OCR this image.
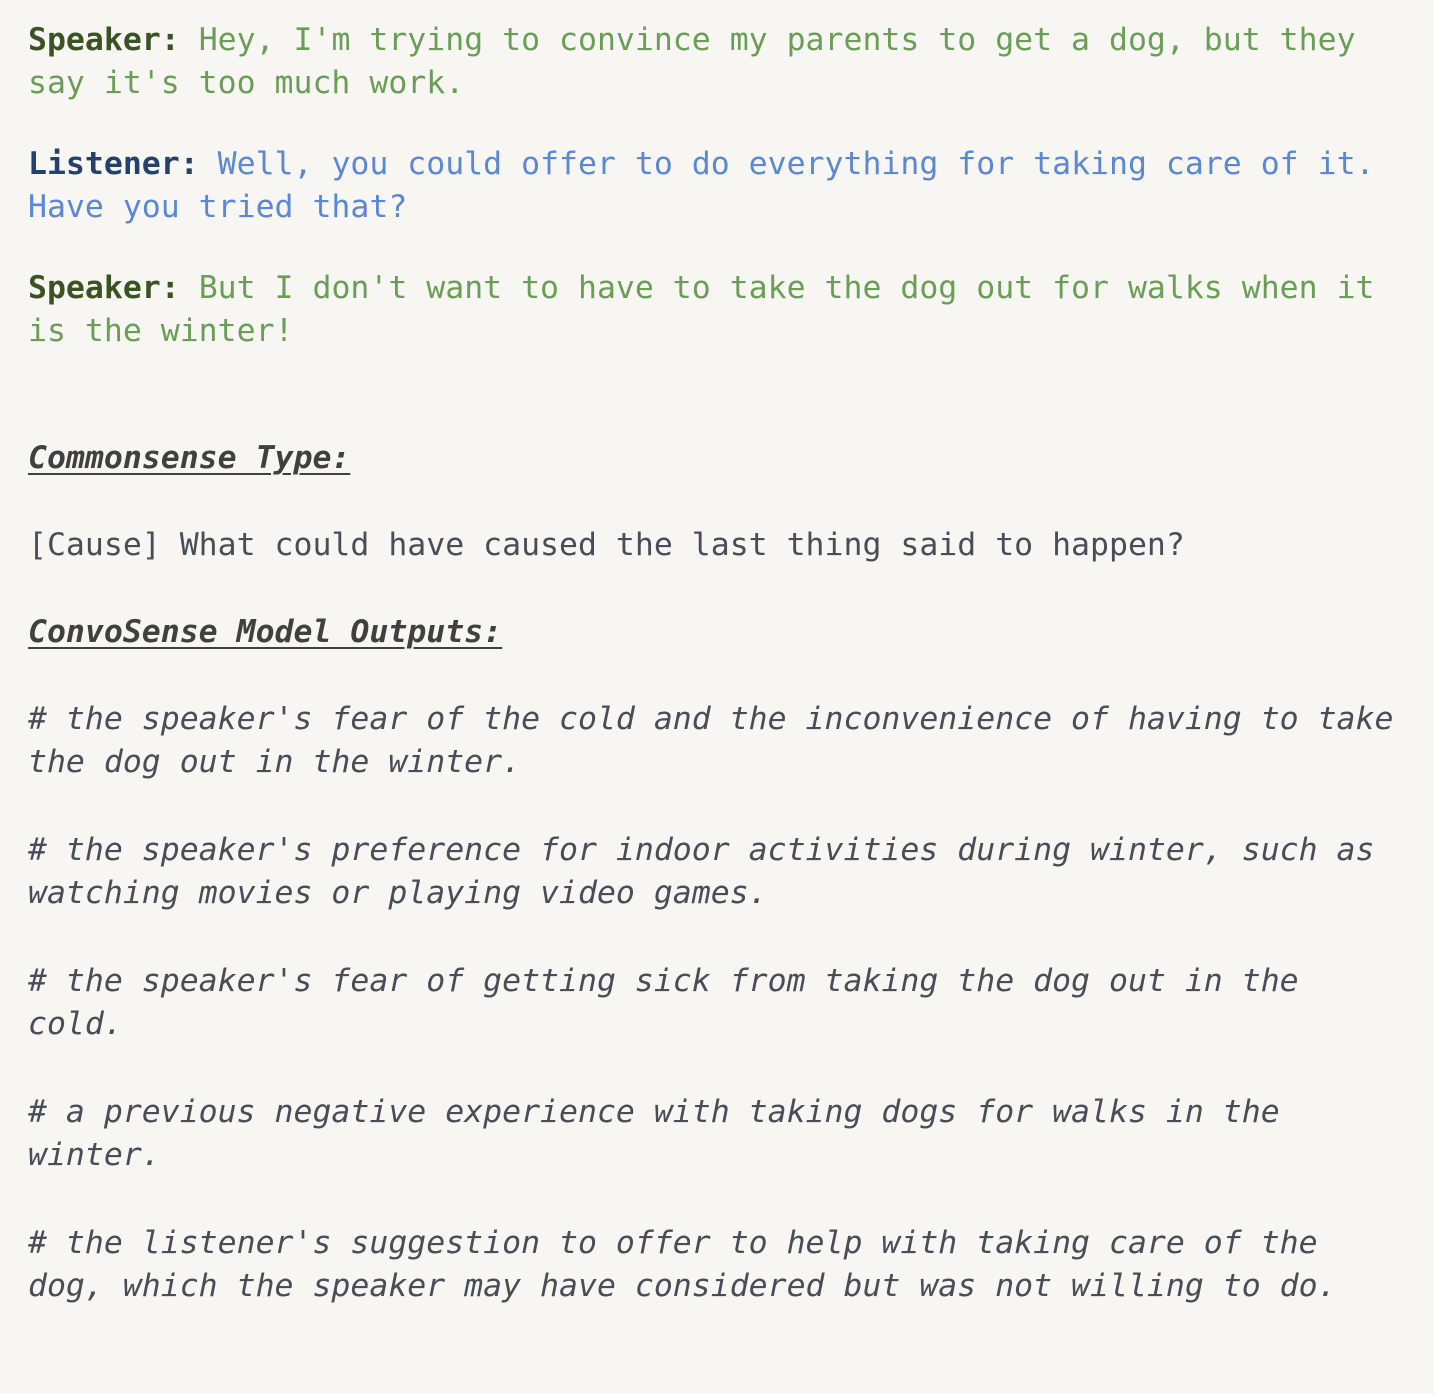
Speaker: Hey, I'm trying to convince my parents to get a dog, but they say it's too much work.

Listener: Well, you could offer to do everything for taking care of it. Have you tried that?

Speaker: But I don't want to have to take the dog out for walks when it is the winter!

Commonsense Type:

[Cause] What could have caused the last thing said to happen?

ConvoSense Model Outputs:

# the speaker's fear of the cold and the inconvenience of having to take the dog out in the winter.
# the speaker's preference for indoor activities during winter, such as watching movies or playing video games.
# the speaker's fear of getting sick from taking the dog out in the cold.
# a previous negative experience with taking dogs for walks in the winter.
# the listener's suggestion to offer to help with taking care of the dog, which the speaker may have considered but was not willing to do.
